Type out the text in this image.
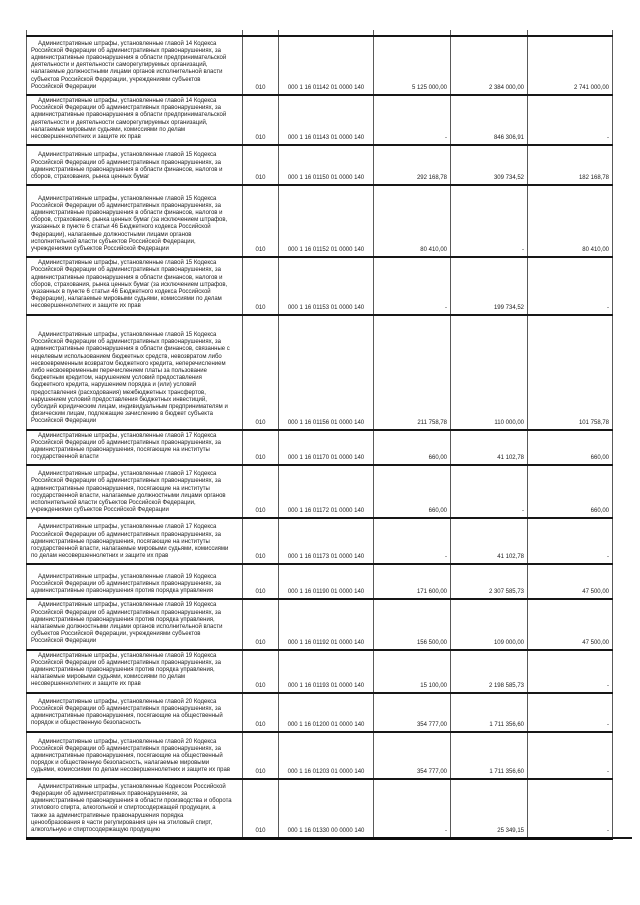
Административные штрафы, установленные главой 14 Кодекса Российской Федерации об административных правонарушениях, за административные правонарушения в области предпринимательской деятельности и деятельности саморегулируемых организаций, налагаемые должностными лицами органов исполнительной власти субъектов Российской Федерации, учреждениями субъектов Российской Федерации	010	000 1 16 01142 01 0000 140	5 125 000,00	2 384 000,00	2 741 000,00
Административные штрафы, установленные главой 14 Кодекса Российской Федерации об административных правонарушениях, за административные правонарушения в области предпринимательской деятельности и деятельности саморегулируемых организаций, налагаемые мировыми судьями, комиссиями по делам несовершеннолетних и защите их прав	010	000 1 16 01143 01 0000 140	-	846 306,91	-
Административные штрафы, установленные главой 15 Кодекса Российской Федерации об административных правонарушениях, за административные правонарушения в области финансов, налогов и сборов, страхования, рынка ценных бумаг	010	000 1 16 01150 01 0000 140	292 168,78	309 734,52	182 168,78
Административные штрафы, установленные главой 15 Кодекса Российской Федерации об административных правонарушениях, за административные правонарушения в области финансов, налогов и сборов, страхования, рынка ценных бумаг (за исключением штрафов, указанных в пункте 6 статьи 46 Бюджетного кодекса Российской Федерации), налагаемые должностными лицами органов исполнительной власти субъектов Российской Федерации, учреждениями субъектов Российской Федерации	010	000 1 16 01152 01 0000 140	80 410,00	-	80 410,00
Административные штрафы, установленные главой 15 Кодекса Российской Федерации об административных правонарушениях, за административные правонарушения в области финансов, налогов и сборов, страхования, рынка ценных бумаг (за исключением штрафов, указанных в пункте 6 статьи 46 Бюджетного кодекса Российской Федерации), налагаемые мировыми судьями, комиссиями по делам несовершеннолетних и защите их прав	010	000 1 16 01153 01 0000 140	-	199 734,52	-
Административные штрафы, установленные главой 15 Кодекса Российской Федерации об административных правонарушениях, за административные правонарушения в области финансов, связанные с нецелевым использованием бюджетных средств, невозвратом либо несвоевременным возвратом бюджетного кредита, неперечислением либо несвоевременным перечислением платы за пользование бюджетным кредитом, нарушением условий предоставления бюджетного кредита, нарушением порядка и (или) условий предоставления (расходования) межбюджетных трансфертов, нарушением условий предоставления бюджетных инвестиций, субсидий юридическим лицам, индивидуальным предпринимателям и физическим лицам, подлежащие зачислению в бюджет субъекта Российской Федерации	010	000 1 16 01156 01 0000 140	211 758,78	110 000,00	101 758,78
Административные штрафы, установленные главой 17 Кодекса Российской Федерации об административных правонарушениях, за административные правонарушения, посягающие на институты государственной власти	010	000 1 16 01170 01 0000 140	660,00	41 102,78	660,00
Административные штрафы, установленные главой 17 Кодекса Российской Федерации об административных правонарушениях, за административные правонарушения, посягающие на институты государственной власти, налагаемые должностными лицами органов исполнительной власти субъектов Российской Федерации, учреждениями субъектов Российской Федерации	010	000 1 16 01172 01 0000 140	660,00	-	660,00
Административные штрафы, установленные главой 17 Кодекса Российской Федерации об административных правонарушениях, за административные правонарушения, посягающие на институты государственной власти, налагаемые мировыми судьями, комиссиями по делам несовершеннолетних и защите их прав	010	000 1 16 01173 01 0000 140	-	41 102,78	-
Административные штрафы, установленные главой 19 Кодекса Российской Федерации об административных правонарушениях, за административные правонарушения против порядка управления	010	000 1 16 01190 01 0000 140	171 600,00	2 307 585,73	47 500,00
Административные штрафы, установленные главой 19 Кодекса Российской Федерации об административных правонарушениях, за административные правонарушения против порядка управления, налагаемые должностными лицами органов исполнительной власти субъектов Российской Федерации, учреждениями субъектов Российской Федерации	010	000 1 16 01192 01 0000 140	156 500,00	109 000,00	47 500,00
Административные штрафы, установленные главой 19 Кодекса Российской Федерации об административных правонарушениях, за административные правонарушения против порядка управления, налагаемые мировыми судьями, комиссиями по делам несовершеннолетних и защите их прав	010	000 1 16 01193 01 0000 140	15 100,00	2 198 585,73	-
Административные штрафы, установленные главой 20 Кодекса Российской Федерации об административных правонарушениях, за административные правонарушения, посягающие на общественный порядок и общественную безопасность	010	000 1 16 01200 01 0000 140	354 777,00	1 711 356,60	-
Административные штрафы, установленные главой 20 Кодекса Российской Федерации об административных правонарушениях, за административные правонарушения, посягающие на общественный порядок и общественную безопасность, налагаемые мировыми судьями, комиссиями по делам несовершеннолетних и защите их прав	010	000 1 16 01203 01 0000 140	354 777,00	1 711 356,60	-
Административные штрафы, установленные Кодексом Российской Федерации об административных правонарушениях, за административные правонарушения в области производства и оборота этилового спирта, алкогольной и спиртосодержащей продукции, а также за административные правонарушения порядка ценообразования в части регулирования цен на этиловый спирт, алкогольную и спиртосодержащую продукцию	010	000 1 16 01330 00 0000 140	-	25 349,15	-
